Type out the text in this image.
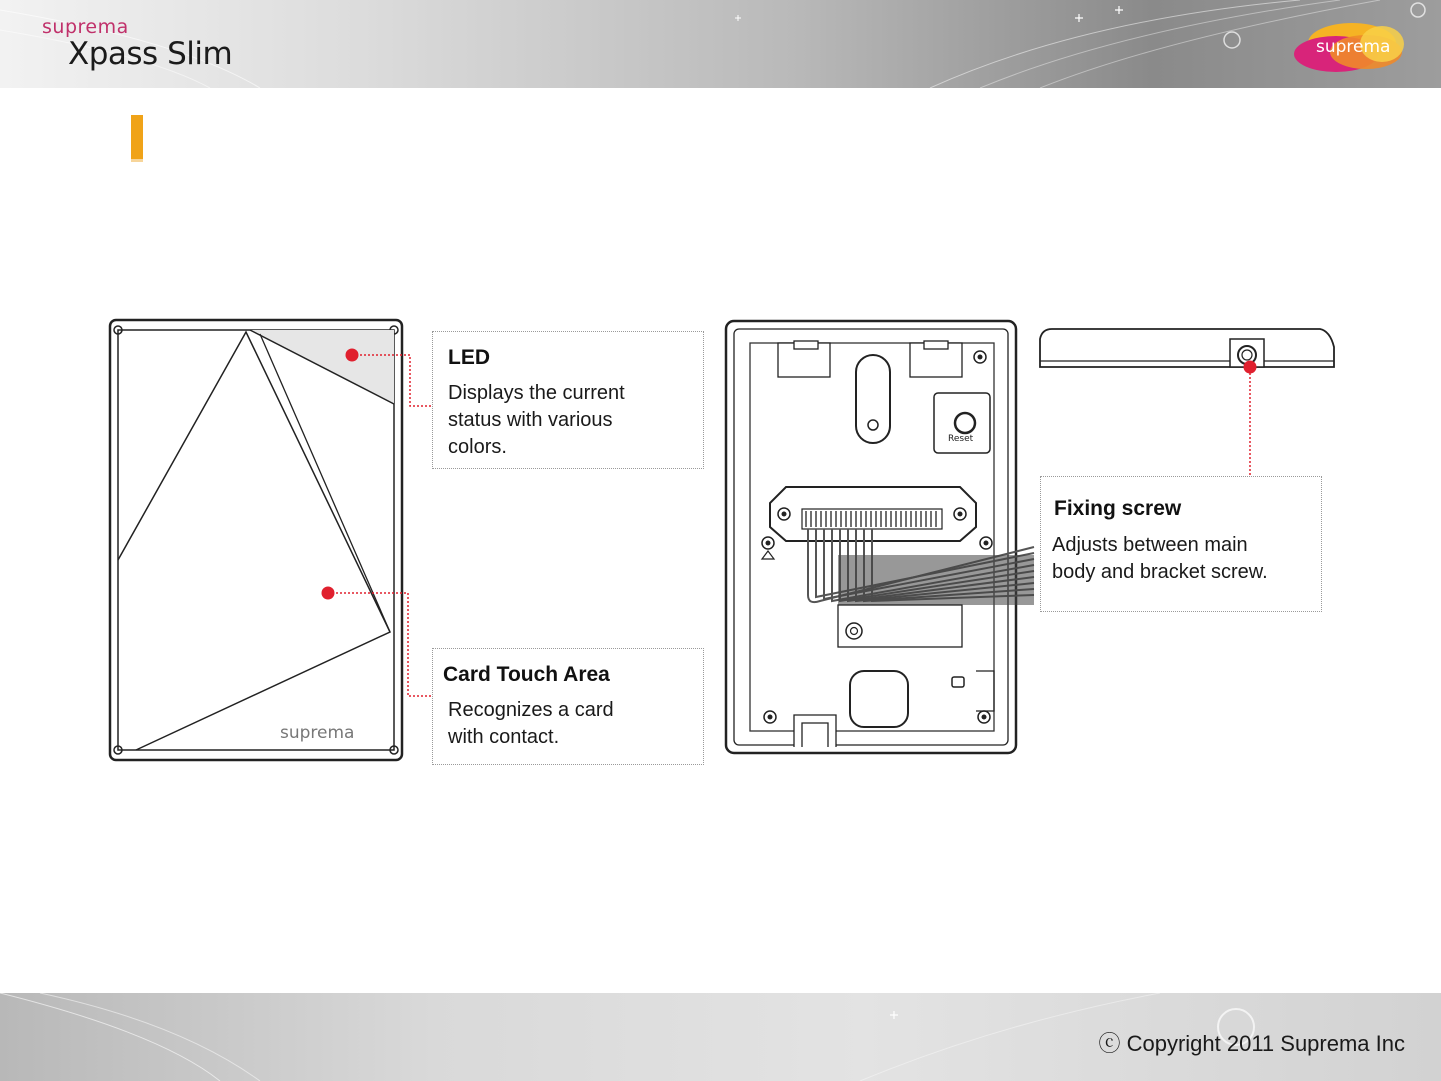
suprema
Xpass Slim	suprema
suprema
LED
Displays the current
status with various
colors.
Card Touch Area
Recognizes a card
with contact.
Reset
Fixing screw
Adjusts between main
body and bracket screw.
ⓒ Copyright 2011 Suprema Inc
